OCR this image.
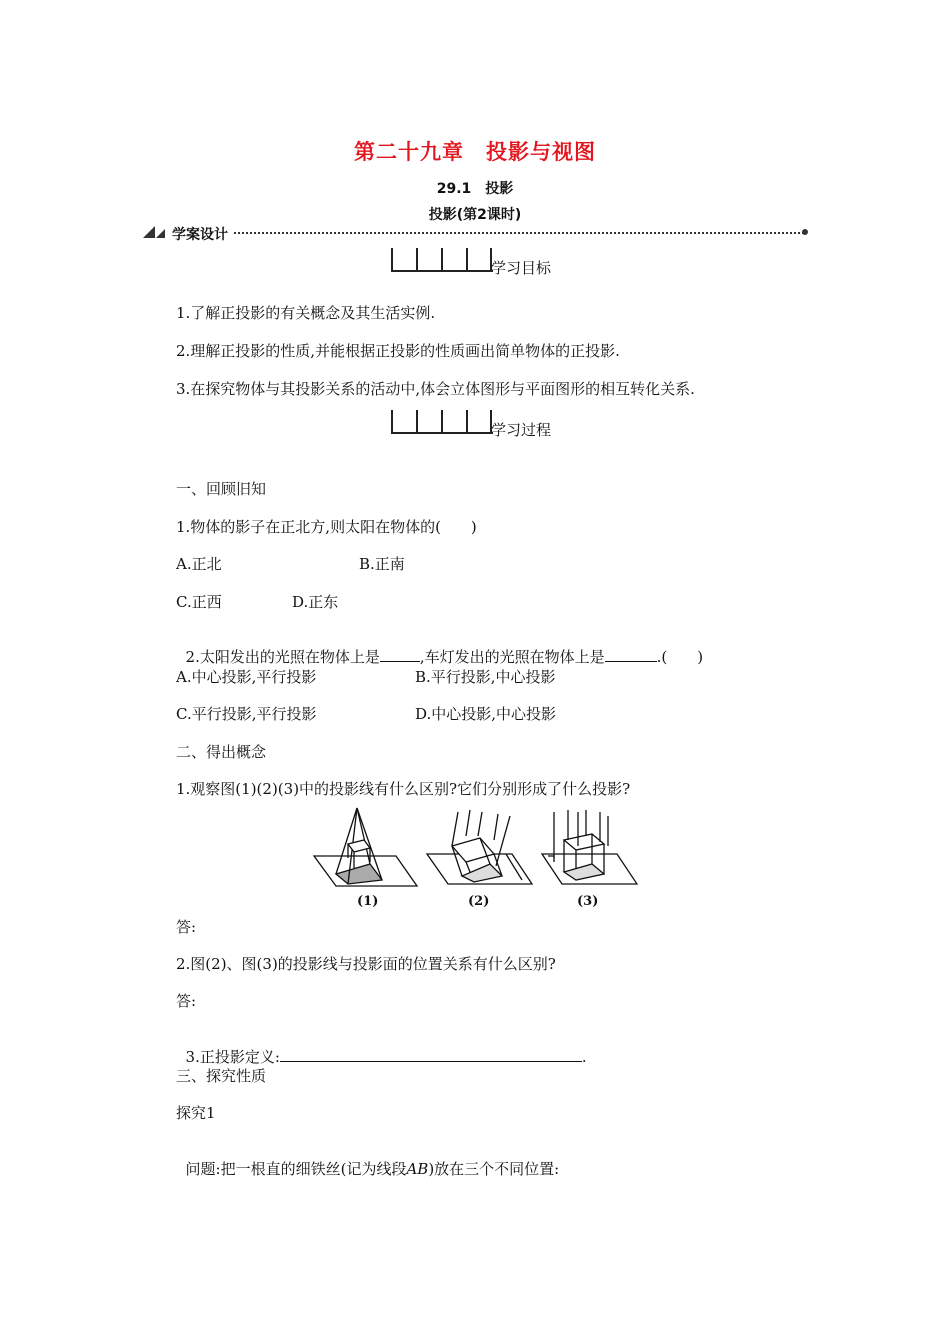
第二十九章　投影与视图
29.1　投影
投影(第2课时)
学案设计
学习目标
1.了解正投影的有关概念及其生活实例.
2.理解正投影的性质,并能根据正投影的性质画出简单物体的正投影.
3.在探究物体与其投影关系的活动中,体会立体图形与平面图形的相互转化关系.
学习过程
一、回顾旧知
1.物体的影子在正北方,则太阳在物体的(　　)
A.正北	B.正南
C.正西	D.正东

2.太阳发出的光照在物体上是	,车灯发出的光照在物体上是	.(　　)

A.中心投影,平行投影	B.平行投影,中心投影
C.平行投影,平行投影	D.中心投影,中心投影
二、得出概念
1.观察图(1)(2)(3)中的投影线有什么区别?它们分别形成了什么投影?
(1)	(2)	(3)
答:
2.图(2)、图(3)的投影线与投影面的位置关系有什么区别?
答:

3.正投影定义:	.

三、探究性质
探究1

问题:把一根直的细铁丝(记为线段AB)放在三个不同位置:
